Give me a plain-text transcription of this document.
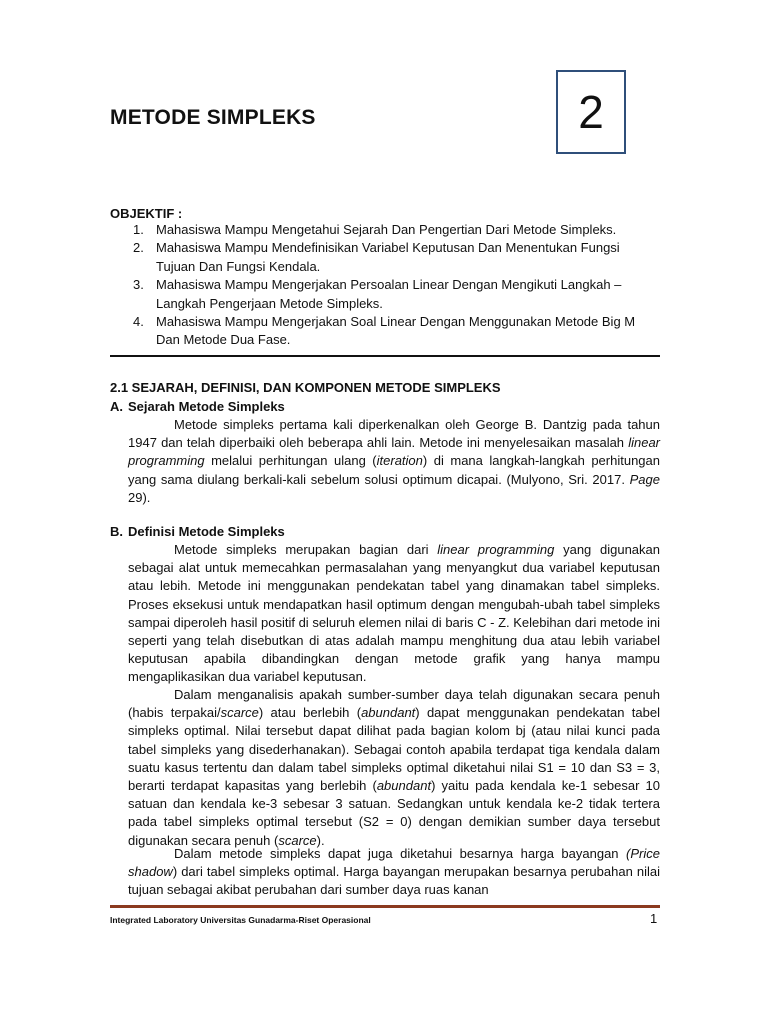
METODE SIMPLEKS	2
OBJEKTIF :
1. Mahasiswa Mampu Mengetahui Sejarah Dan Pengertian Dari Metode Simpleks.
2. Mahasiswa Mampu Mendefinisikan Variabel Keputusan Dan Menentukan Fungsi Tujuan Dan Fungsi Kendala.
3. Mahasiswa Mampu Mengerjakan Persoalan Linear Dengan Mengikuti Langkah – Langkah Pengerjaan Metode Simpleks.
4. Mahasiswa Mampu Mengerjakan Soal Linear Dengan Menggunakan Metode Big M Dan Metode Dua Fase.
2.1 SEJARAH, DEFINISI, DAN KOMPONEN METODE SIMPLEKS
A. Sejarah Metode Simpleks

Metode simpleks pertama kali diperkenalkan oleh George B. Dantzig pada tahun 1947 dan telah diperbaiki oleh beberapa ahli lain. Metode ini menyelesaikan masalah linear programming melalui perhitungan ulang (iteration) di mana langkah-langkah perhitungan yang sama diulang berkali-kali sebelum solusi optimum dicapai. (Mulyono, Sri. 2017. Page 29).

B. Definisi Metode Simpleks

Metode simpleks merupakan bagian dari linear programming yang digunakan sebagai alat untuk memecahkan permasalahan yang menyangkut dua variabel keputusan atau lebih. Metode ini menggunakan pendekatan tabel yang dinamakan tabel simpleks. Proses eksekusi untuk mendapatkan hasil optimum dengan mengubah-ubah tabel simpleks sampai diperoleh hasil positif di seluruh elemen nilai di baris C - Z. Kelebihan dari metode ini seperti yang telah disebutkan di atas adalah mampu menghitung dua atau lebih variabel keputusan apabila dibandingkan dengan metode grafik yang hanya mampu mengaplikasikan dua variabel keputusan.

Dalam menganalisis apakah sumber-sumber daya telah digunakan secara penuh (habis terpakai/scarce) atau berlebih (abundant) dapat menggunakan pendekatan tabel simpleks optimal. Nilai tersebut dapat dilihat pada bagian kolom bj (atau nilai kunci pada tabel simpleks yang disederhanakan). Sebagai contoh apabila terdapat tiga kendala dalam suatu kasus tertentu dan dalam tabel simpleks optimal diketahui nilai S1 = 10 dan S3 = 3, berarti terdapat kapasitas yang berlebih (abundant) yaitu pada kendala ke-1 sebesar 10 satuan dan kendala ke-3 sebesar 3 satuan. Sedangkan untuk kendala ke-2 tidak tertera pada tabel simpleks optimal tersebut (S2 = 0) dengan demikian sumber daya tersebut digunakan secara penuh (scarce).

Dalam metode simpleks dapat juga diketahui besarnya harga bayangan (Price shadow) dari tabel simpleks optimal. Harga bayangan merupakan besarnya perubahan nilai tujuan sebagai akibat perubahan dari sumber daya ruas kanan

Integrated Laboratory Universitas Gunadarma-Riset Operasional	1
